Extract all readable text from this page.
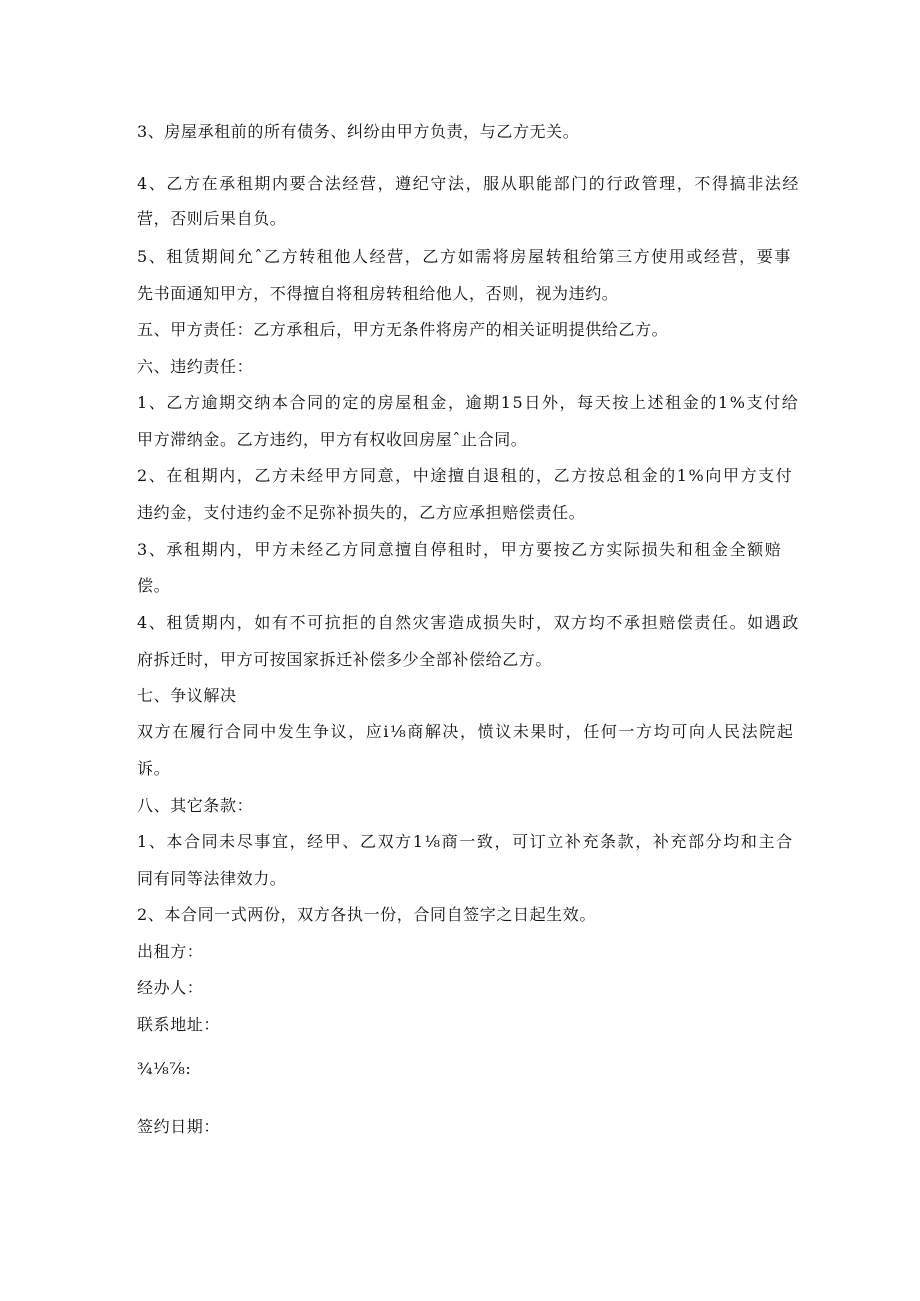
3、房屋承租前的所有债务、纠纷由甲方负责，与乙方无关。
4、乙方在承租期内要合法经营，遵纪守法，服从职能部门的行政管理，不得搞非法经
营，否则后果自负。
5、租赁期间允ˆ乙方转租他人经营，乙方如需将房屋转租给第三方使用或经营，要事
先书面通知甲方，不得擅自将租房转租给他人，否则，视为违约。
五、甲方责任：乙方承租后，甲方无条件将房产的相关证明提供给乙方。
六、违约责任：
1、乙方逾期交纳本合同的定的房屋租金，逾期15日外，每天按上述租金的1%支付给
甲方滞纳金。乙方违约，甲方有权收回房屋ˆ止合同。
2、在租期内，乙方未经甲方同意，中途擅自退租的，乙方按总租金的1%向甲方支付
违约金，支付违约金不足弥补损失的，乙方应承担赔偿责任。
3、承租期内，甲方未经乙方同意擅自停租时，甲方要按乙方实际损失和租金全额赔
偿。
4、租赁期内，如有不可抗拒的自然灾害造成损失时，双方均不承担赔偿责任。如遇政
府拆迁时，甲方可按国家拆迁补偿多少全部补偿给乙方。
七、争议解决
双方在履行合同中发生争议，应i⅛商解决，愤议未果时，任何一方均可向人民法院起
诉。
八、其它条款：
1、本合同未尽事宜，经甲、乙双方1⅛商一致，可订立补充条款，补充部分均和主合
同有同等法律效力。
2、本合同一式两份，双方各执一份，合同自签字之日起生效。
出租方：
经办人：
联系地址：
¾⅛⅞:
签约日期：
